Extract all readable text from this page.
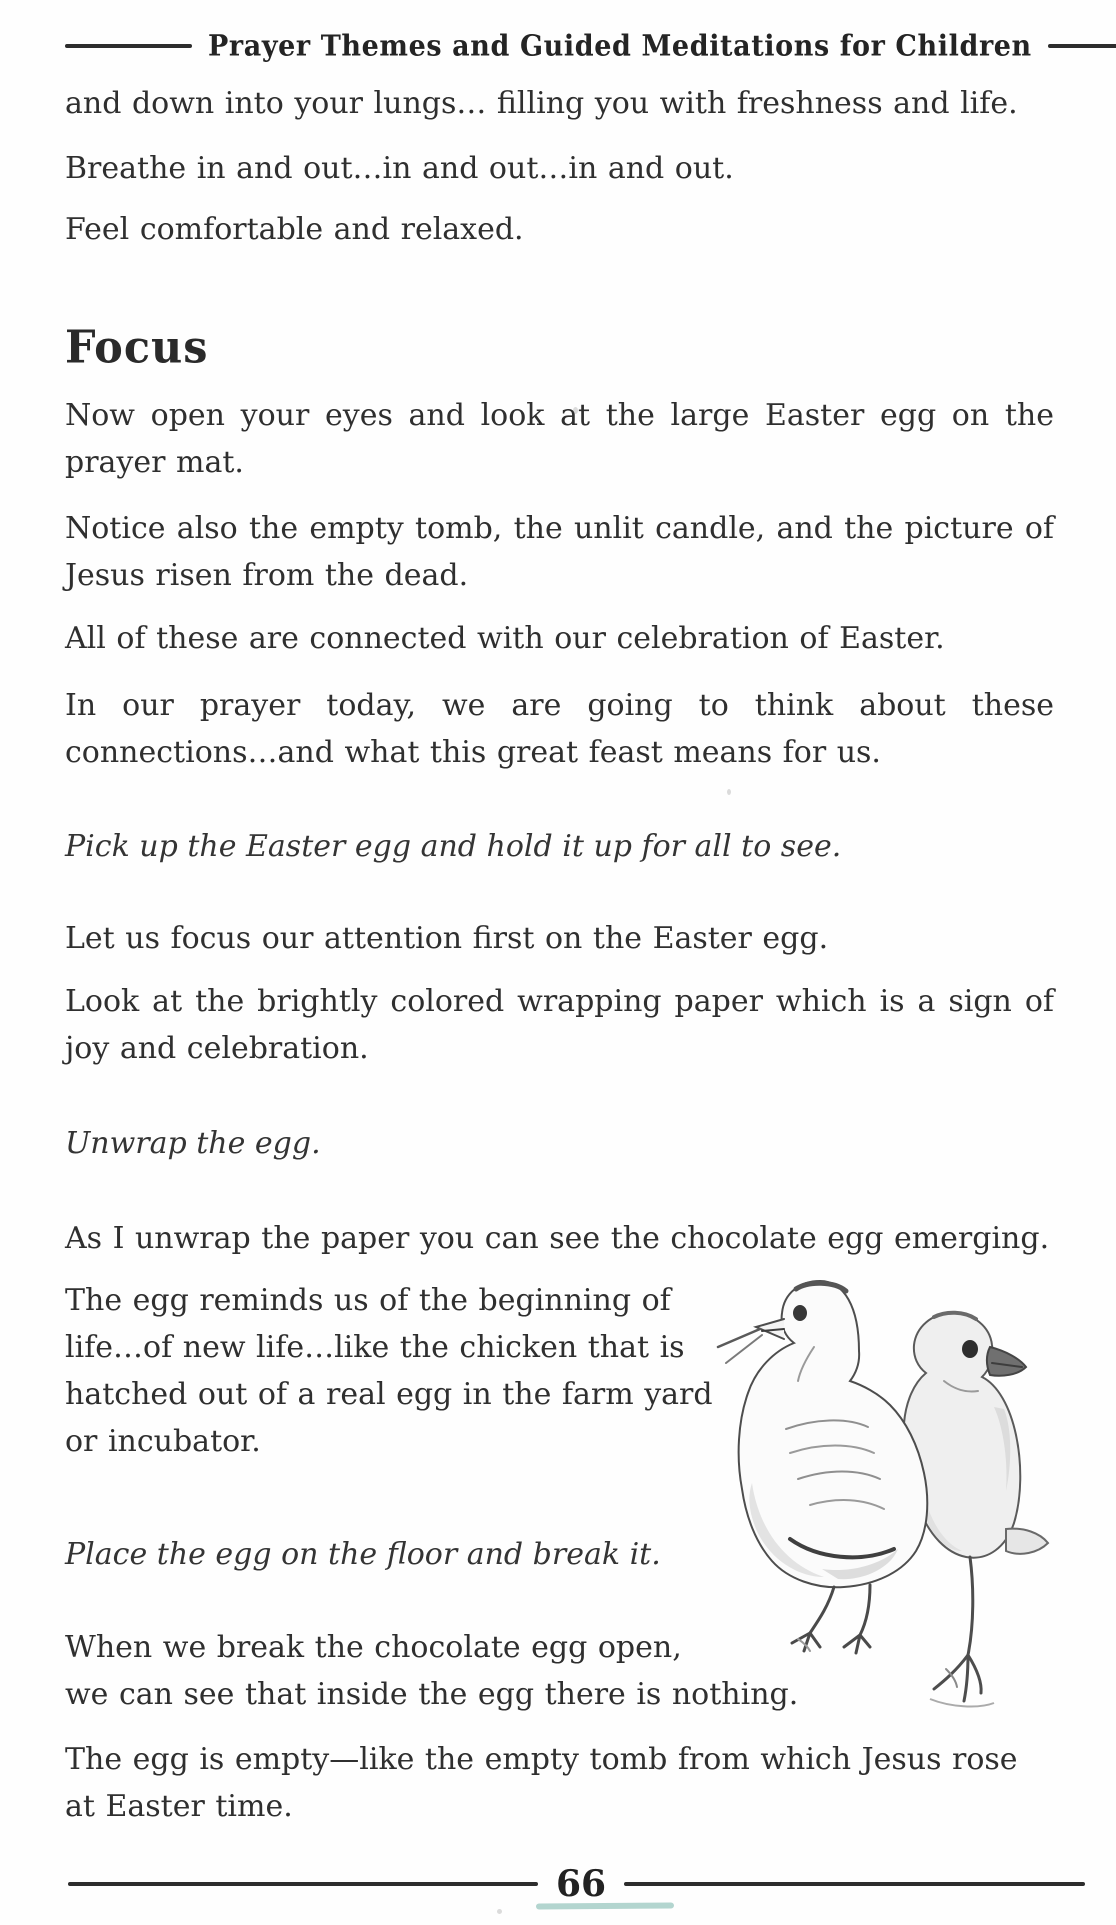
Prayer Themes and Guided Meditations for Children

and down into your lungs… filling you with freshness and life.

Breathe in and out…in and out…in and out.

Feel comfortable and relaxed.

Focus

Now open your eyes and look at the large Easter egg on the prayer mat.

Notice also the empty tomb, the unlit candle, and the picture of Jesus risen from the dead.

All of these are connected with our celebration of Easter.

In our prayer today, we are going to think about these connections…and what this great feast means for us.

Pick up the Easter egg and hold it up for all to see.

Let us focus our attention first on the Easter egg.

Look at the brightly colored wrapping paper which is a sign of joy and celebration.

Unwrap the egg.

As I unwrap the paper you can see the chocolate egg emerging.

The egg reminds us of the beginning of life…of new life…like the chicken that is hatched out of a real egg in the farm yard or incubator.

Place the egg on the floor and break it.

When we break the chocolate egg open, we can see that inside the egg there is nothing.

The egg is empty—like the empty tomb from which Jesus rose at Easter time.

66
